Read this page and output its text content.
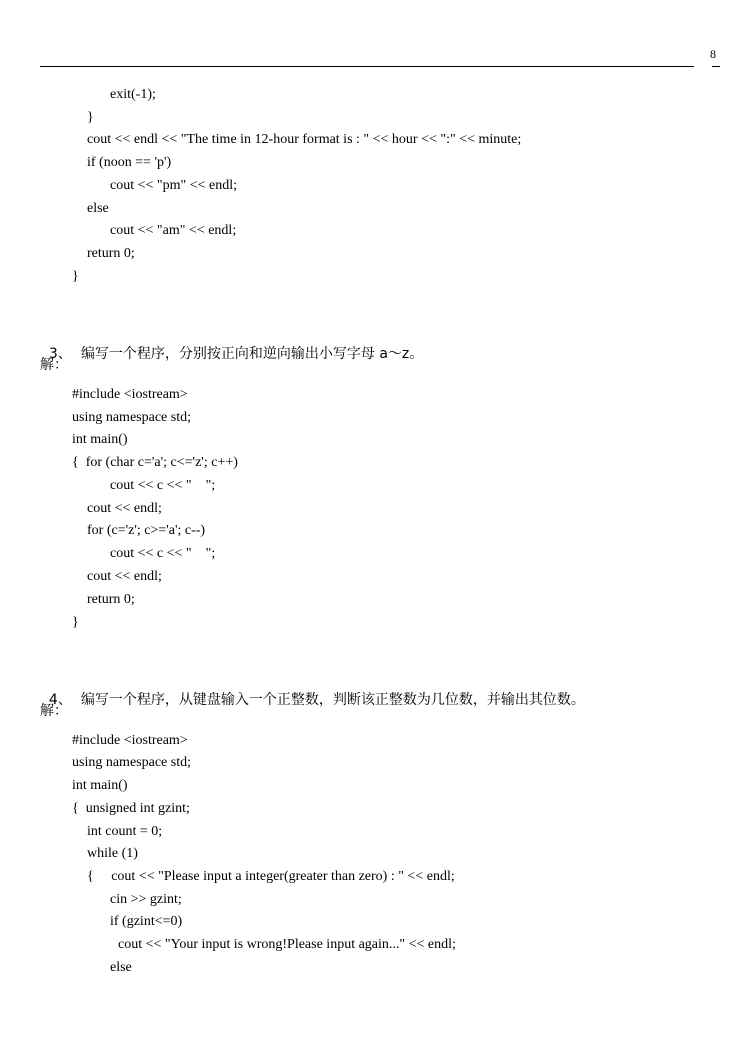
8
exit(-1);
}
cout << endl << "The time in 12-hour format is : " << hour << ":" << minute;
if (noon == 'p')
cout << "pm" << endl;
else
cout << "am" << endl;
return 0;
}

3、 编写一个程序，分别按正向和逆向输出小写字母 a～z。

解：
#include <iostream>
using namespace std;
int main()
{  for (char c='a'; c<='z'; c++)
cout << c << "    ";
cout << endl;
for (c='z'; c>='a'; c--)
cout << c << "    ";
cout << endl;
return 0;
}

4、 编写一个程序，从键盘输入一个正整数，判断该正整数为几位数，并输出其位数。

解：
#include <iostream>
using namespace std;
int main()
{  unsigned int gzint;
int count = 0;
while (1)
{     cout << "Please input a integer(greater than zero) : " << endl;
cin >> gzint;
if (gzint<=0)
cout << "Your input is wrong!Please input again..." << endl;
else
